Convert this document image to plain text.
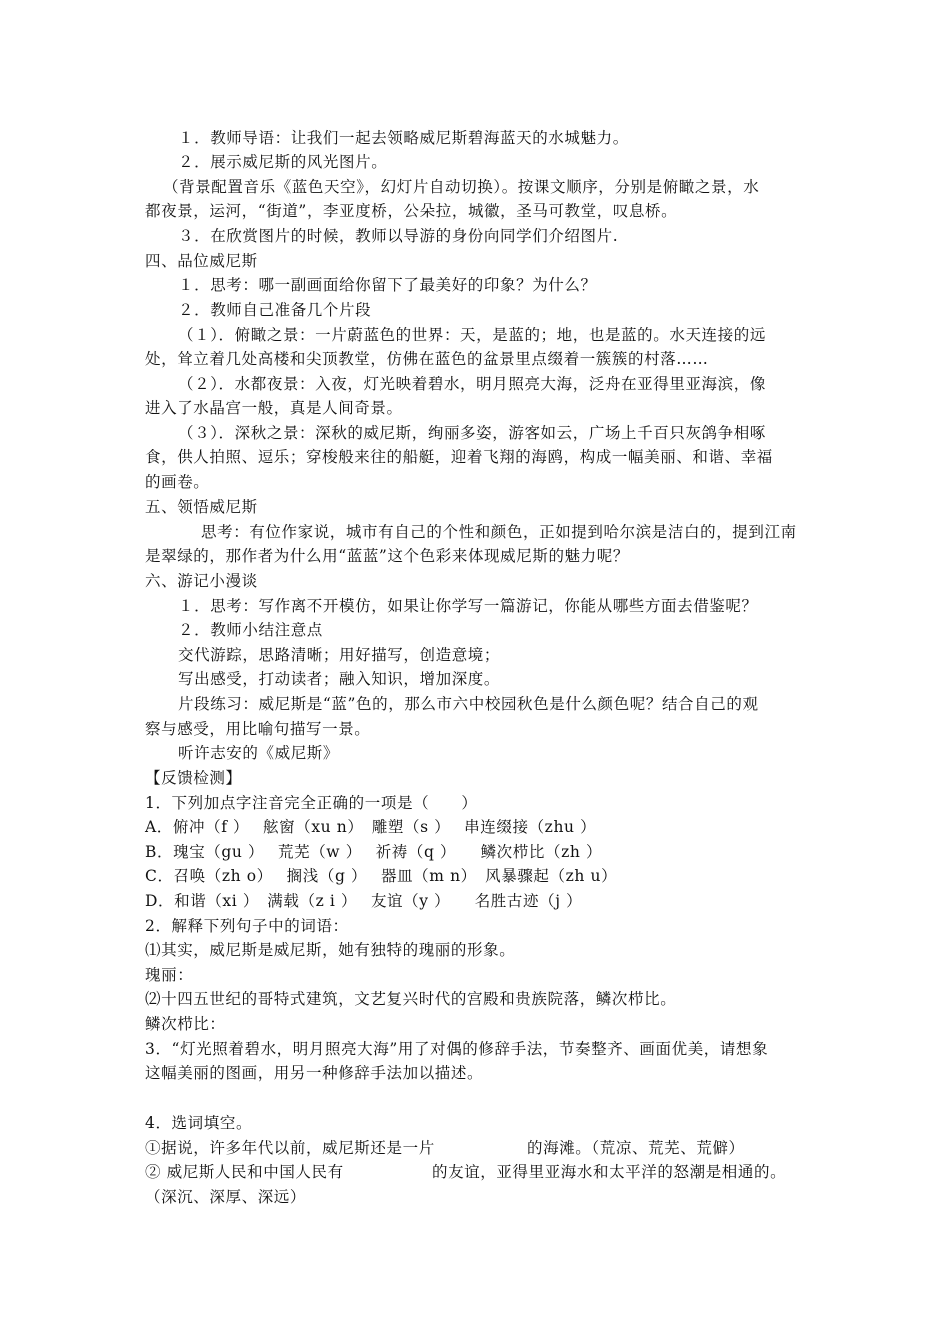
１．教师导语：让我们一起去领略威尼斯碧海蓝天的水城魅力。
２．展示威尼斯的风光图片。
（背景配置音乐《蓝色天空》，幻灯片自动切换）。按课文顺序，分别是俯瞰之景，水
都夜景，运河，“街道”，李亚度桥，公朵拉，城徽，圣马可教堂，叹息桥。
３．在欣赏图片的时候，教师以导游的身份向同学们介绍图片.
四、品位威尼斯
１．思考：哪一副画面给你留下了最美好的印象？为什么？
２．教师自己准备几个片段
（１）．俯瞰之景：一片蔚蓝色的世界：天，是蓝的；地，也是蓝的。水天连接的远
处，耸立着几处高楼和尖顶教堂，仿佛在蓝色的盆景里点缀着一簇簇的村落……
（２）．水都夜景：入夜，灯光映着碧水，明月照亮大海，泛舟在亚得里亚海滨，像
进入了水晶宫一般，真是人间奇景。
（３）．深秋之景：深秋的威尼斯，绚丽多姿，游客如云，广场上千百只灰鸽争相啄
食，供人拍照、逗乐；穿梭般来往的船艇，迎着飞翔的海鸥，构成一幅美丽、和谐、幸福
的画卷。
五、领悟威尼斯
思考：有位作家说，城市有自己的个性和颜色，正如提到哈尔滨是洁白的，提到江南
是翠绿的，那作者为什么用“蓝蓝”这个色彩来体现威尼斯的魅力呢？
六、游记小漫谈
１．思考：写作离不开模仿，如果让你学写一篇游记，你能从哪些方面去借鉴呢？
２．教师小结注意点
交代游踪，思路清晰；用好描写，创造意境；
写出感受，打动读者；融入知识，增加深度。
片段练习：威尼斯是“蓝”色的，那么市六中校园秋色是什么颜色呢？结合自己的观
察与感受，用比喻句描写一景。
听许志安的《威尼斯》
【反馈检测】
1．下列加点字注音完全正确的一项是（　　）
A．俯冲（f ）　 舷窗（xu n）　雕塑（s ）　 串连缀接（zhu ）
B．瑰宝（gu ）　 荒芜（w ）　 祈祷（q ）　　鳞次栉比（zh ）
C．召唤（zh o）　 搁浅（g ）　 器皿（m n）　风暴骤起（zh u）
D．和谐（xi ）　满载（z i ）　 友谊（y ）　　名胜古迹（j ）
2．解释下列句子中的词语：
⑴其实，威尼斯是威尼斯，她有独特的瑰丽的形象。
瑰丽：
⑵十四五世纪的哥特式建筑，文艺复兴时代的宫殿和贵族院落，鳞次栉比。
鳞次栉比：
3．“灯光照着碧水，明月照亮大海”用了对偶的修辞手法，节奏整齐、画面优美，请想象
这幅美丽的图画，用另一种修辞手法加以描述。
4．选词填空。
①据说，许多年代以前，威尼斯还是一片	的海滩。（荒凉、荒芜、荒僻）
② 威尼斯人民和中国人民有	的友谊，亚得里亚海水和太平洋的怒潮是相通的。
（深沉、深厚、深远）
